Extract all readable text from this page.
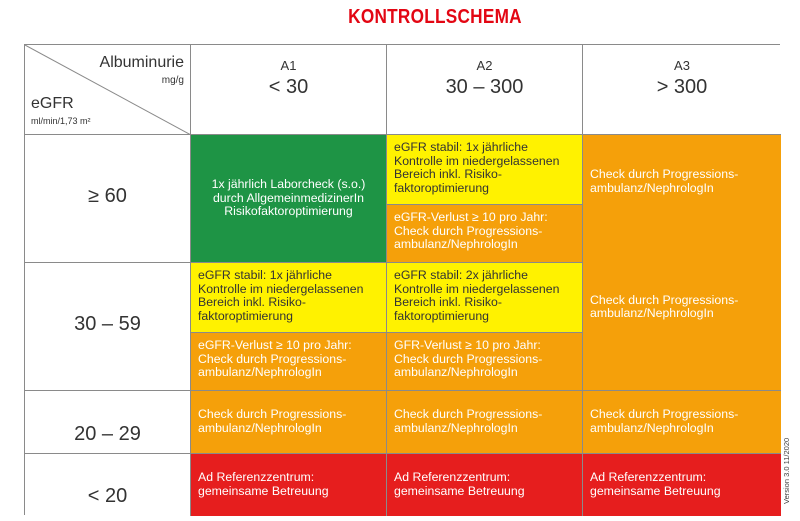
KONTROLLSCHEMA
Albuminurie
mg/g
eGFR
ml/min/1,73 m²
A1
< 30
A2
30 – 300
A3
> 300
≥ 60
30 – 59
20 – 29
< 20
1x jährlich Laborcheck (s.o.) durch AllgemeinmedizinerIn Risikofaktoroptimierung
eGFR stabil: 1x jährliche Kontrolle im niedergelassenen Bereich inkl. Risikofaktoroptimierung
eGFR-Verlust ≥ 10 pro Jahr: Check durch Progressionsambulanz/NephrologIn
Check durch Progressionsambulanz/NephrologIn
Check durch Progressionsambulanz/NephrologIn
eGFR stabil: 1x jährliche Kontrolle im niedergelassenen Bereich inkl. Risikofaktoroptimierung
eGFR-Verlust ≥ 10 pro Jahr: Check durch Progressionsambulanz/NephrologIn
eGFR stabil: 2x jährliche Kontrolle im niedergelassenen Bereich inkl. Risikofaktoroptimierung
GFR-Verlust ≥ 10 pro Jahr: Check durch Progressionsambulanz/NephrologIn
Check durch Progressionsambulanz/NephrologIn
Check durch Progressionsambulanz/NephrologIn
Check durch Progressionsambulanz/NephrologIn
Ad Referenzzentrum: gemeinsame Betreuung
Ad Referenzzentrum: gemeinsame Betreuung
Ad Referenzzentrum: gemeinsame Betreuung	Version 3.0 11/2020
